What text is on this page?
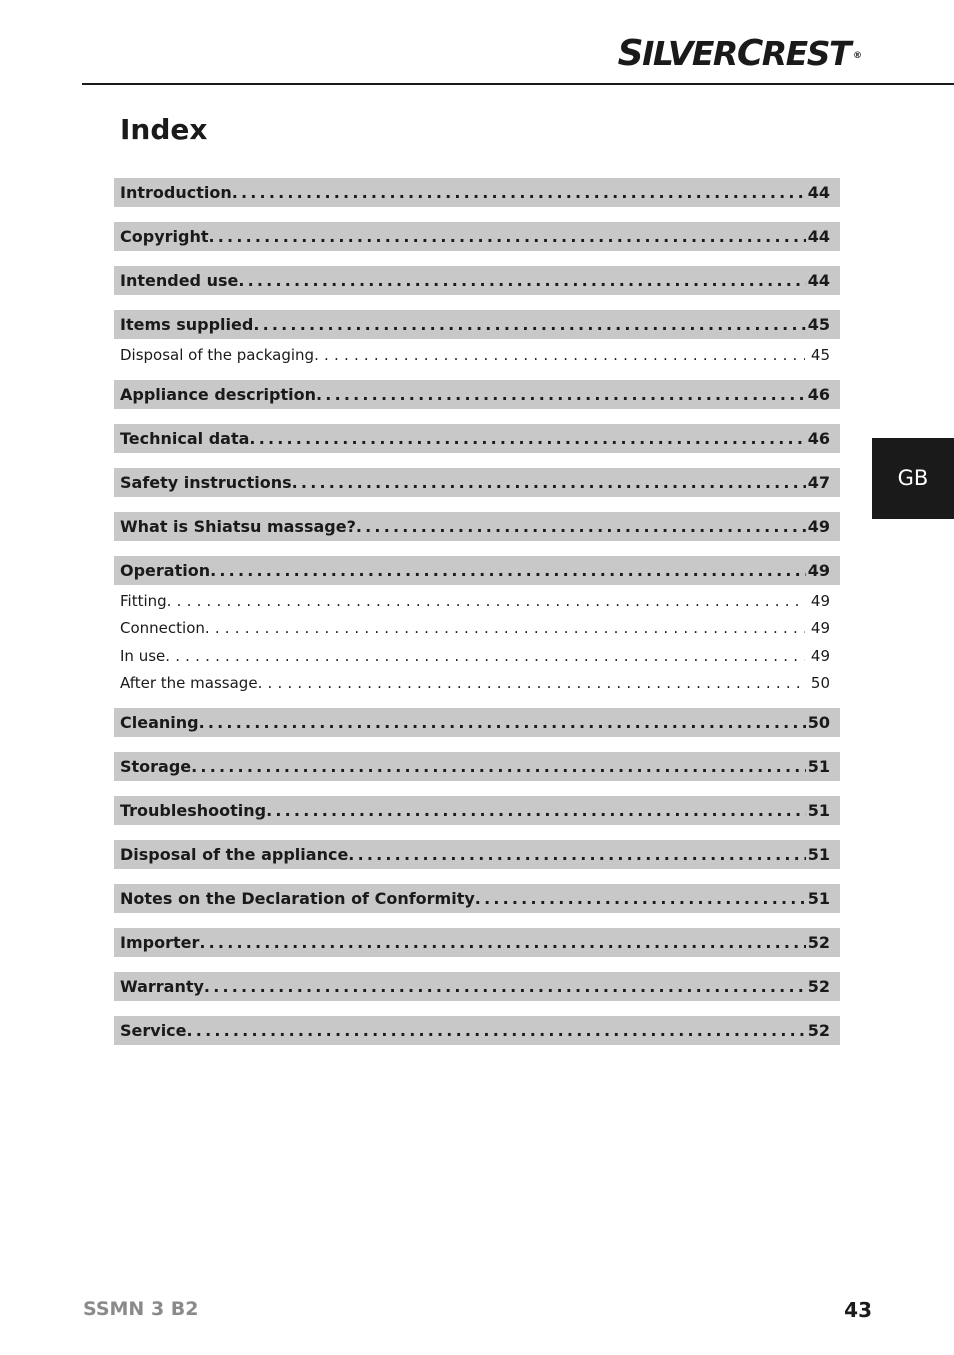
SILVERCREST ®
Index
Introduction .....	44
Copyright .....	44
Intended use .....	44
Items supplied .....	45
Disposal of the packaging .....	45
Appliance description .....	46
Technical data .....	46
Safety instructions .....	47
What is Shiatsu massage? .....	49
Operation .....	49
Fitting .....	49
Connection .....	49
In use .....	49
After the massage .....	50
Cleaning .....	50
Storage .....	51
Troubleshooting .....	51
Disposal of the appliance .....	51
Notes on the Declaration of Conformity .....	51
Importer .....	52
Warranty .....	52
Service .....	52
GB
SSMN 3 B2	43
